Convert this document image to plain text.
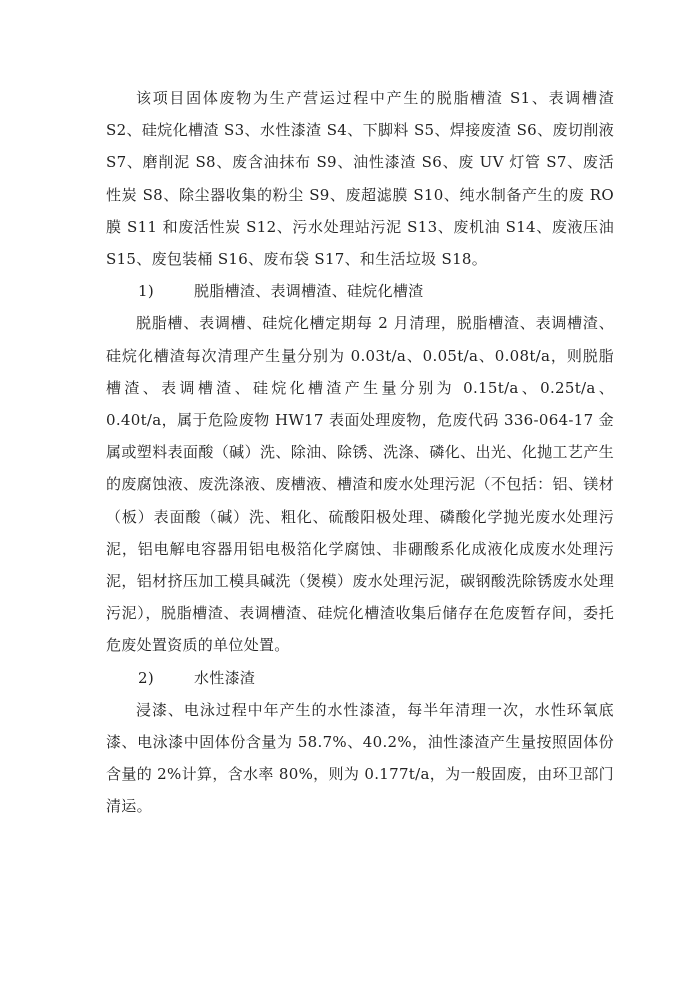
该项目固体废物为生产营运过程中产生的脱脂槽渣 S1、表调槽渣 S2、硅烷化槽渣 S3、水性漆渣 S4、下脚料 S5、焊接废渣 S6、废切削液 S7、磨削泥 S8、废含油抹布 S9、油性漆渣 S6、废 UV 灯管 S7、废活性炭 S8、除尘器收集的粉尘 S9、废超滤膜 S10、纯水制备产生的废 RO 膜 S11 和废活性炭 S12、污水处理站污泥 S13、废机油 S14、废液压油 S15、废包装桶 S16、废布袋 S17、和生活垃圾 S18。

1)	脱脂槽渣、表调槽渣、硅烷化槽渣

脱脂槽、表调槽、硅烷化槽定期每 2 月清理，脱脂槽渣、表调槽渣、硅烷化槽渣每次清理产生量分别为 0.03t/a、0.05t/a、0.08t/a，则脱脂槽渣、表调槽渣、硅烷化槽渣产生量分别为 0.15t/a、0.25t/a、0.40t/a，属于危险废物 HW17 表面处理废物，危废代码 336-064-17 金属或塑料表面酸（碱）洗、除油、除锈、洗涤、磷化、出光、化抛工艺产生的废腐蚀液、废洗涤液、废槽液、槽渣和废水处理污泥（不包括：铝、镁材（板）表面酸（碱）洗、粗化、硫酸阳极处理、磷酸化学抛光废水处理污泥，铝电解电容器用铝电极箔化学腐蚀、非硼酸系化成液化成废水处理污泥，铝材挤压加工模具碱洗（煲模）废水处理污泥，碳钢酸洗除锈废水处理污泥），脱脂槽渣、表调槽渣、硅烷化槽渣收集后储存在危废暂存间，委托危废处置资质的单位处置。

2)	水性漆渣

浸漆、电泳过程中年产生的水性漆渣，每半年清理一次，水性环氧底漆、电泳漆中固体份含量为 58.7%、40.2%，油性漆渣产生量按照固体份含量的 2%计算，含水率 80%，则为 0.177t/a，为一般固废，由环卫部门清运。
